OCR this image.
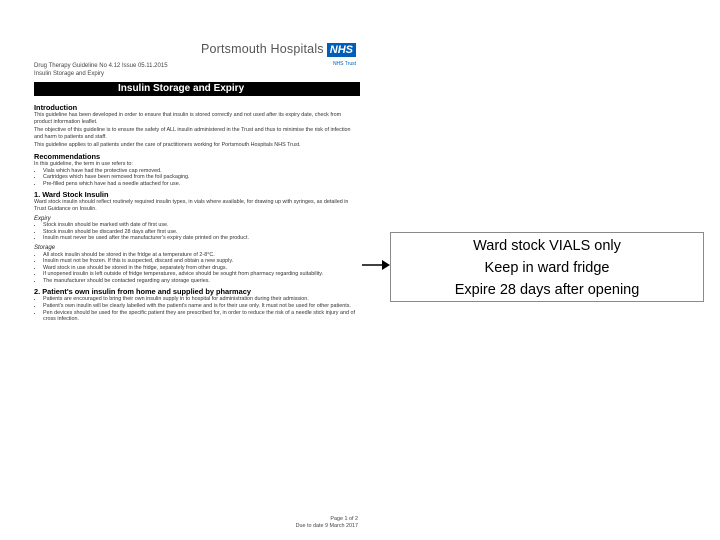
Portsmouth Hospitals NHS
NHS Trust
Drug Therapy Guideline No 4.12 Issue 05.11.2015
Insulin Storage and Expiry
Insulin Storage and Expiry
Introduction

This guideline has been developed in order to ensure that insulin is stored correctly and not used after its expiry date, check from product information leaflet.

The objective of this guideline is to ensure the safety of ALL insulin administered in the Trust and thus to minimise the risk of infection and harm to patients and staff.

This guideline applies to all patients under the care of practitioners working for Portsmouth Hospitals NHS Trust.

Recommendations

In this guideline, the term in use refers to:

• Vials which have had the protective cap removed.
• Cartridges which have been removed from the foil packaging.
• Pre-filled pens which have had a needle attached for use.
1. Ward Stock Insulin

Ward stock insulin should reflect routinely required insulin types, in vials where available, for drawing up with syringes, as detailed in Trust Guidance on Insulin.

Expiry
• Stock insulin should be marked with date of first use.
• Stock insulin should be discarded 28 days after first use.
• Insulin must never be used after the manufacturer's expiry date printed on the product.
Storage
• All stock insulin should be stored in the fridge at a temperature of 2-8°C.
• Insulin must not be frozen. If this is suspected, discard and obtain a new supply.
• Ward stock in use should be stored in the fridge, separately from other drugs.
• If unopened insulin is left outside of fridge temperatures, advice should be sought from pharmacy regarding suitability.
• The manufacturer should be contacted regarding any storage queries.
2. Patient's own insulin from home and supplied by pharmacy
• Patients are encouraged to bring their own insulin supply in to hospital for administration during their admission.
• Patient's own insulin will be clearly labelled with the patient's name and is for their use only. It must not be used for other patients.
• Pen devices should be used for the specific patient they are prescribed for, in order to reduce the risk of a needle stick injury and of cross infection.
Page 1 of 2
Due to date 9 March 2017
Ward stock VIALS only
Keep in ward fridge
Expire 28 days after opening
